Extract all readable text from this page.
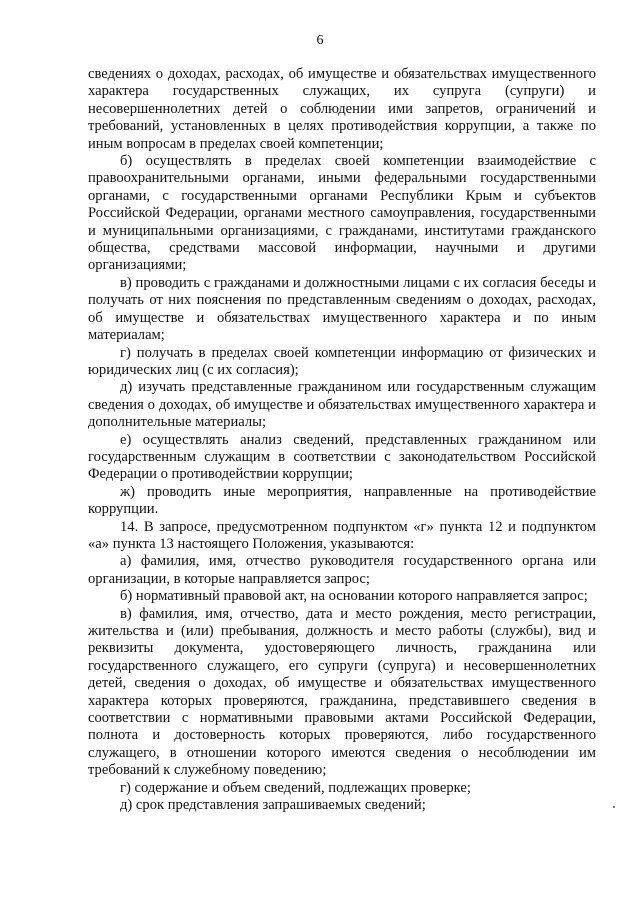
6

сведениях о доходах, расходах, об имуществе и обязательствах имущественного характера государственных служащих, их супруга (супруги) и несовершеннолетних детей о соблюдении ими запретов, ограничений и требований, установленных в целях противодействия коррупции, а также по иным вопросам в пределах своей компетенции;

б) осуществлять в пределах своей компетенции взаимодействие с правоохранительными органами, иными федеральными государственными органами, с государственными органами Республики Крым и субъектов Российской Федерации, органами местного самоуправления, государственными и муниципальными организациями, с гражданами, институтами гражданского общества, средствами массовой информации, научными и другими организациями;

в) проводить с гражданами и должностными лицами с их согласия беседы и получать от них пояснения по представленным сведениям о доходах, расходах, об имуществе и обязательствах имущественного характера и по иным материалам;

г) получать в пределах своей компетенции информацию от физических и юридических лиц (с их согласия);

д) изучать представленные гражданином или государственным служащим сведения о доходах, об имуществе и обязательствах имущественного характера и дополнительные материалы;

е) осуществлять анализ сведений, представленных гражданином или государственным служащим в соответствии с законодательством Российской Федерации о противодействии коррупции;

ж) проводить иные мероприятия, направленные на противодействие коррупции.

14. В запросе, предусмотренном подпунктом «г» пункта 12 и подпунктом «а» пункта 13 настоящего Положения, указываются:

а) фамилия, имя, отчество руководителя государственного органа или организации, в которые направляется запрос;

б) нормативный правовой акт, на основании которого направляется запрос;

в) фамилия, имя, отчество, дата и место рождения, место регистрации, жительства и (или) пребывания, должность и место работы (службы), вид и реквизиты документа, удостоверяющего личность, гражданина или государственного служащего, его супруги (супруга) и несовершеннолетних детей, сведения о доходах, об имуществе и обязательствах имущественного характера которых проверяются, гражданина, представившего сведения в соответствии с нормативными правовыми актами Российской Федерации, полнота и достоверность которых проверяются, либо государственного служащего, в отношении которого имеются сведения о несоблюдении им требований к служебному поведению;

г) содержание и объем сведений, подлежащих проверке;

д) срок представления запрашиваемых сведений;
